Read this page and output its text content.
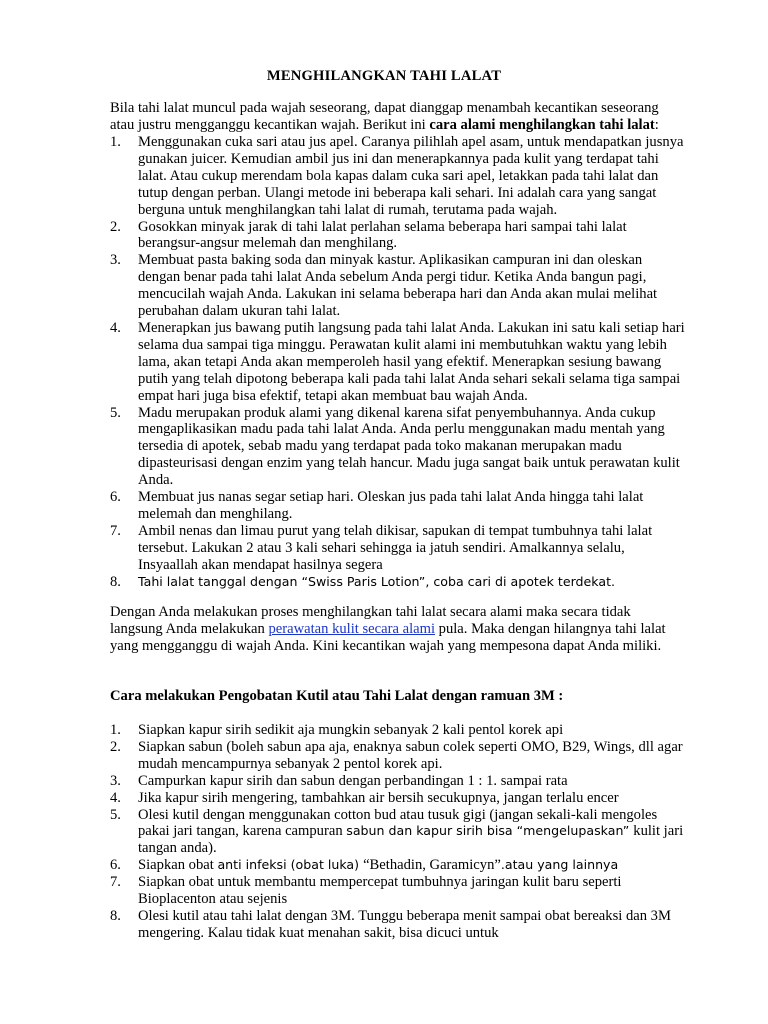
MENGHILANGKAN TAHI LALAT

Bila tahi lalat muncul pada wajah seseorang, dapat dianggap menambah kecantikan seseorang atau justru mengganggu kecantikan wajah. Berikut ini cara alami menghilangkan tahi lalat:

1. Menggunakan cuka sari atau jus apel. Caranya pilihlah apel asam, untuk mendapatkan jusnya gunakan juicer. Kemudian ambil jus ini dan menerapkannya pada kulit yang terdapat tahi lalat. Atau cukup merendam bola kapas dalam cuka sari apel, letakkan pada tahi lalat dan tutup dengan perban. Ulangi metode ini beberapa kali sehari. Ini adalah cara yang sangat berguna untuk menghilangkan tahi lalat di rumah, terutama pada wajah.
2. Gosokkan minyak jarak di tahi lalat perlahan selama beberapa hari sampai tahi lalat berangsur-angsur melemah dan menghilang.
3. Membuat pasta baking soda dan minyak kastur. Aplikasikan campuran ini dan oleskan dengan benar pada tahi lalat Anda sebelum Anda pergi tidur. Ketika Anda bangun pagi, mencucilah wajah Anda. Lakukan ini selama beberapa hari dan Anda akan mulai melihat perubahan dalam ukuran tahi lalat.
4. Menerapkan jus bawang putih langsung pada tahi lalat Anda. Lakukan ini satu kali setiap hari selama dua sampai tiga minggu. Perawatan kulit alami ini membutuhkan waktu yang lebih lama, akan tetapi Anda akan memperoleh hasil yang efektif. Menerapkan sesiung bawang putih yang telah dipotong beberapa kali pada tahi lalat Anda sehari sekali selama tiga sampai empat hari juga bisa efektif, tetapi akan membuat bau wajah Anda.
5. Madu merupakan produk alami yang dikenal karena sifat penyembuhannya. Anda cukup mengaplikasikan madu pada tahi lalat Anda. Anda perlu menggunakan madu mentah yang tersedia di apotek, sebab madu yang terdapat pada toko makanan merupakan madu dipasteurisasi dengan enzim yang telah hancur. Madu juga sangat baik untuk perawatan kulit Anda.
6. Membuat jus nanas segar setiap hari. Oleskan jus pada tahi lalat Anda hingga tahi lalat melemah dan menghilang.
7. Ambil nenas dan limau purut yang telah dikisar, sapukan di tempat tumbuhnya tahi lalat tersebut. Lakukan 2 atau 3 kali sehari sehingga ia jatuh sendiri. Amalkannya selalu, Insyaallah akan mendapat hasilnya segera
8. Tahi lalat tanggal dengan “Swiss Paris Lotion”, coba cari di apotek terdekat.

Dengan Anda melakukan proses menghilangkan tahi lalat secara alami maka secara tidak langsung Anda melakukan perawatan kulit secara alami pula. Maka dengan hilangnya tahi lalat yang mengganggu di wajah Anda. Kini kecantikan wajah yang mempesona dapat Anda miliki.

Cara melakukan Pengobatan Kutil atau Tahi Lalat dengan ramuan 3M :

1. Siapkan kapur sirih sedikit aja mungkin sebanyak 2 kali pentol korek api
2. Siapkan sabun (boleh sabun apa aja, enaknya sabun colek seperti OMO, B29, Wings, dll agar mudah mencampurnya sebanyak 2 pentol korek api.
3. Campurkan kapur sirih dan sabun dengan perbandingan 1 : 1. sampai rata
4. Jika kapur sirih mengering, tambahkan air bersih secukupnya, jangan terlalu encer
5. Olesi kutil dengan menggunakan cotton bud atau tusuk gigi (jangan sekali-kali mengoles pakai jari tangan, karena campuran sabun dan kapur sirih bisa “mengelupaskan” kulit jari tangan anda).
6. Siapkan obat anti infeksi (obat luka) “Bethadin, Garamicyn”.atau yang lainnya
7. Siapkan obat untuk membantu mempercepat tumbuhnya jaringan kulit baru seperti Bioplacenton atau sejenis
8. Olesi kutil atau tahi lalat dengan 3M. Tunggu beberapa menit sampai obat bereaksi dan 3M mengering. Kalau tidak kuat menahan sakit, bisa dicuci untuk
